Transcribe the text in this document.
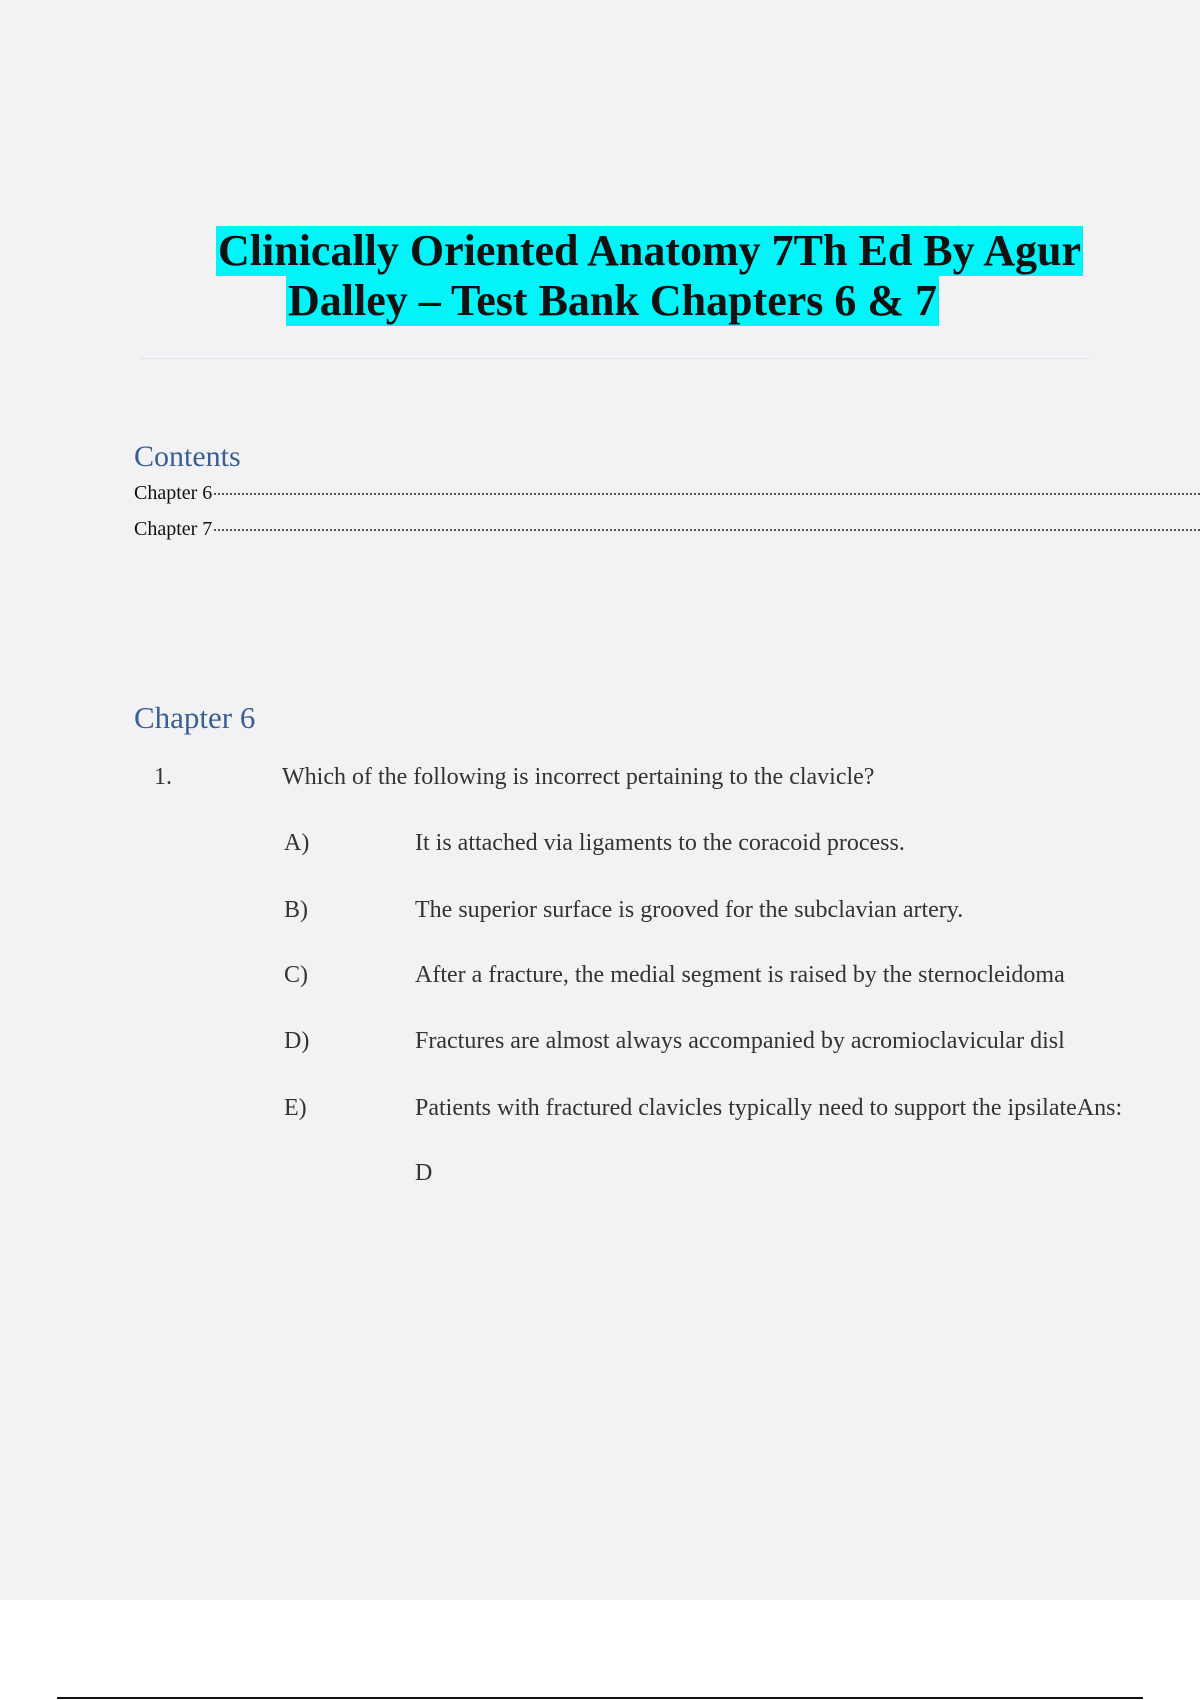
Clinically Oriented Anatomy 7Th Ed By Agur
Dalley – Test Bank Chapters 6 & 7
Contents
Chapter 6
Chapter 7
Chapter 6
1.	Which of the following is incorrect pertaining to the clavicle?
A)	It is attached via ligaments to the coracoid process.
B)	The superior surface is grooved for the subclavian artery.
C)	After a fracture, the medial segment is raised by the sternocleidoma
D)	Fractures are almost always accompanied by acromioclavicular disl
E)	Patients with fractured clavicles typically need to support the ipsilateAns:
D
